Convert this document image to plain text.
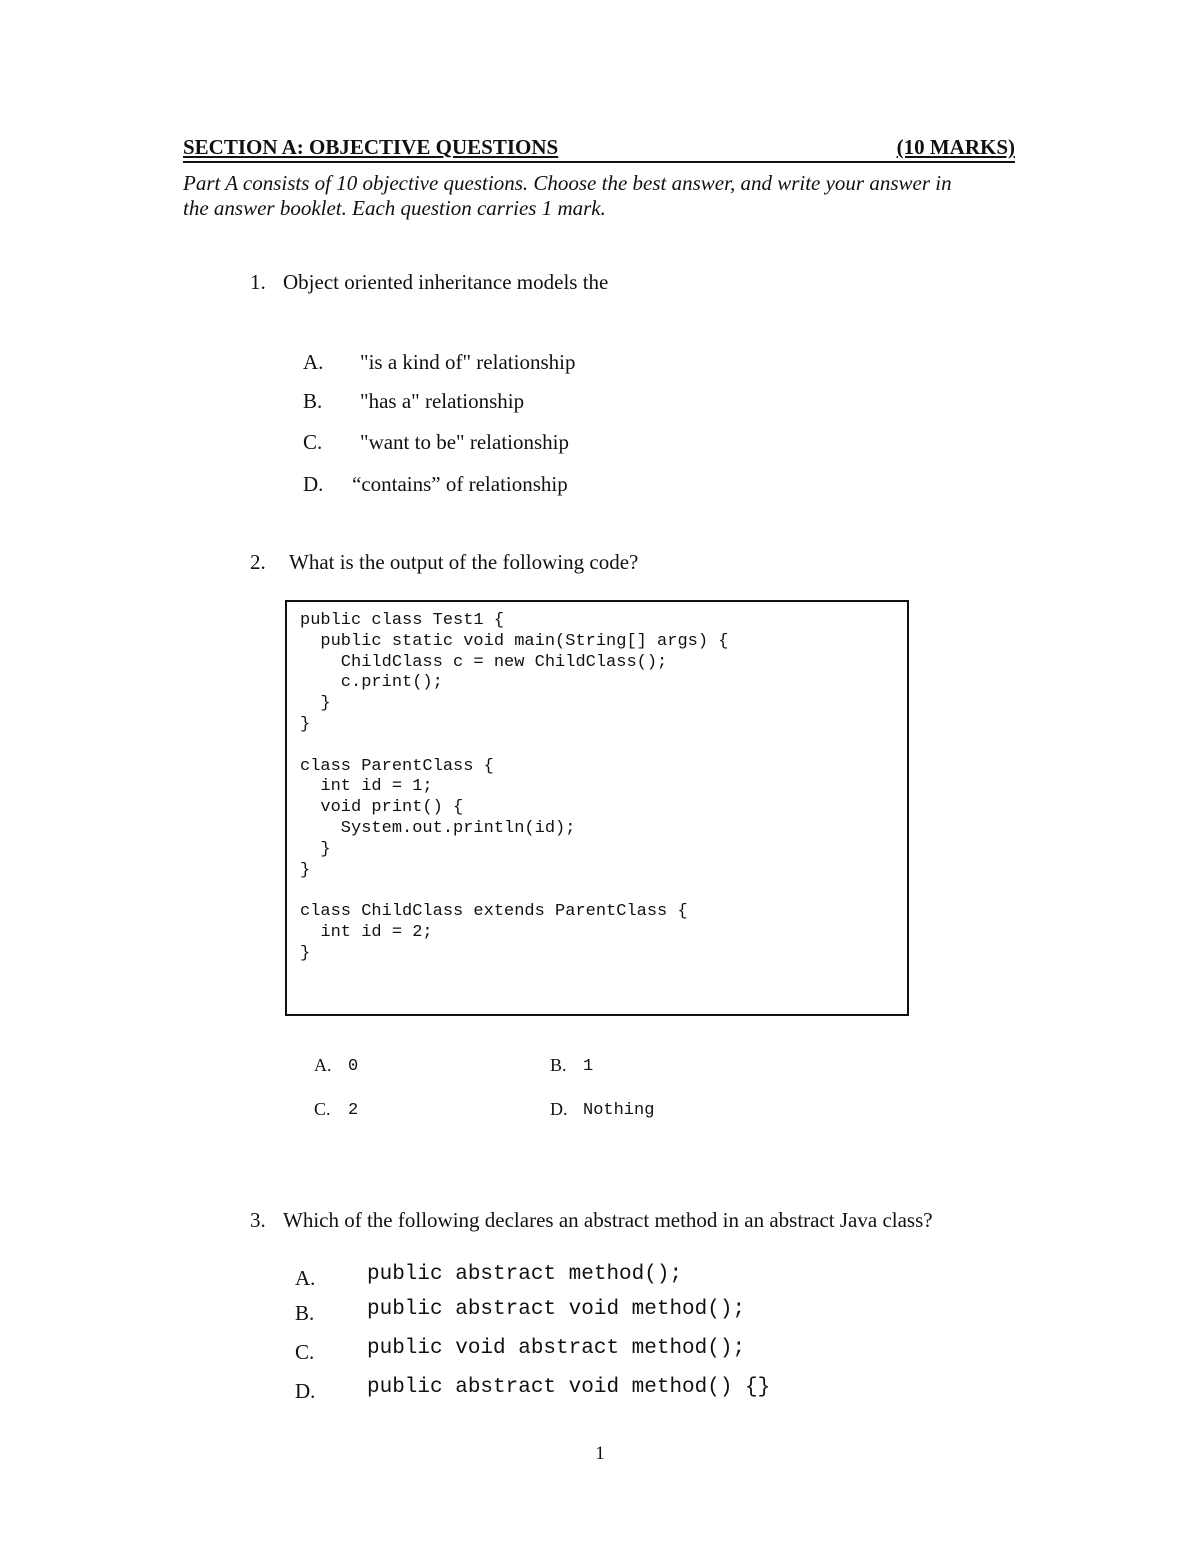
SECTION A: OBJECTIVE QUESTIONS	(10 MARKS)
Part A consists of 10 objective questions. Choose the best answer, and write your answer in
the answer booklet. Each question carries 1 mark.
1. Object oriented inheritance models the
A. "is a kind of" relationship
B. "has a" relationship
C. "want to be" relationship
D. “contains” of relationship
2. What is the output of the following code?
public class Test1 {
public static void main(String[] args) {
ChildClass c = new ChildClass();
c.print();
}
}

class ParentClass {
int id = 1;
void print() {
System.out.println(id);
}
}

class ChildClass extends ParentClass {
int id = 2;
}
A. 0	B. 1
C. 2	D. Nothing
3. Which of the following declares an abstract method in an abstract Java class?
A. public abstract method();
B.	public abstract void method();
C.	public void abstract method();
D. public abstract void method() {}
1
